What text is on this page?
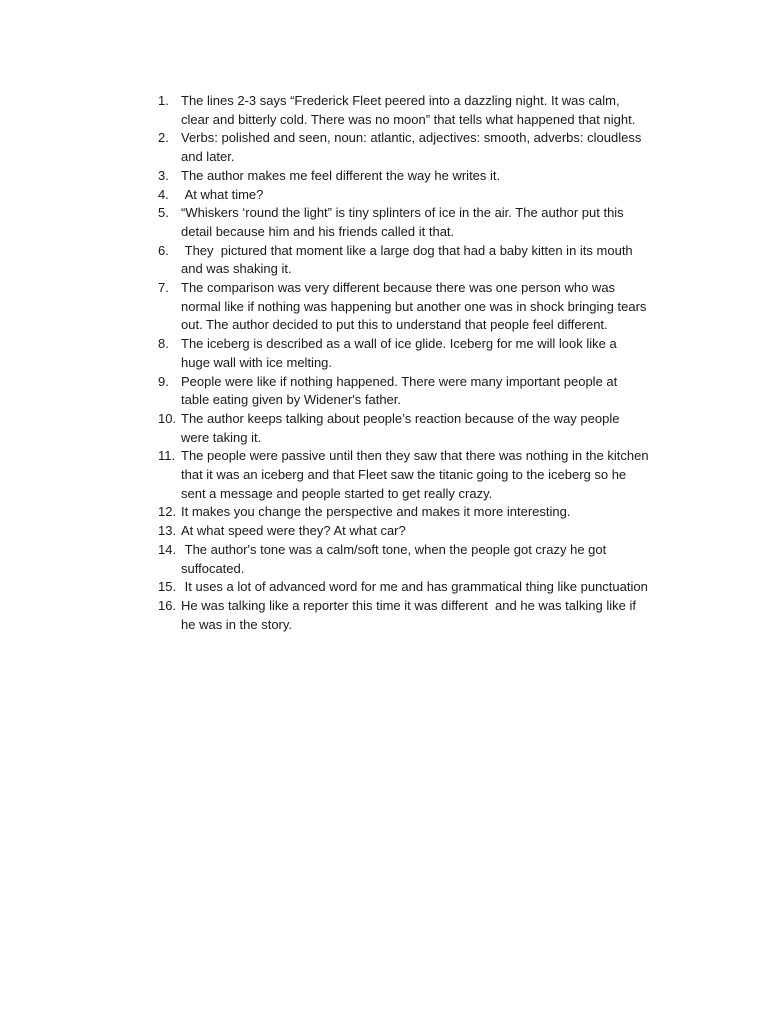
1. The lines 2-3 says “Frederick Fleet peered into a dazzling night. It was calm,
clear and bitterly cold. There was no moon” that tells what happened that night.
2. Verbs: polished and seen, noun: atlantic, adjectives: smooth, adverbs: cloudless
and later.
3. The author makes me feel different the way he writes it.
4. At what time?
5. “Whiskers ‘round the light” is tiny splinters of ice in the air. The author put this
detail because him and his friends called it that.
6. They  pictured that moment like a large dog that had a baby kitten in its mouth
and was shaking it.
7. The comparison was very different because there was one person who was
normal like if nothing was happening but another one was in shock bringing tears
out. The author decided to put this to understand that people feel different.
8. The iceberg is described as a wall of ice glide. Iceberg for me will look like a
huge wall with ice melting.
9. People were like if nothing happened. There were many important people at
table eating given by Widener's father.
10. The author keeps talking about people’s reaction because of the way people
were taking it.
11. The people were passive until then they saw that there was nothing in the kitchen
that it was an iceberg and that Fleet saw the titanic going to the iceberg so he
sent a message and people started to get really crazy.
12. It makes you change the perspective and makes it more interesting.
13. At what speed were they? At what car?
14. The author's tone was a calm/soft tone, when the people got crazy he got
suffocated.
15. It uses a lot of advanced word for me and has grammatical thing like punctuation
16. He was talking like a reporter this time it was different  and he was talking like if
he was in the story.
